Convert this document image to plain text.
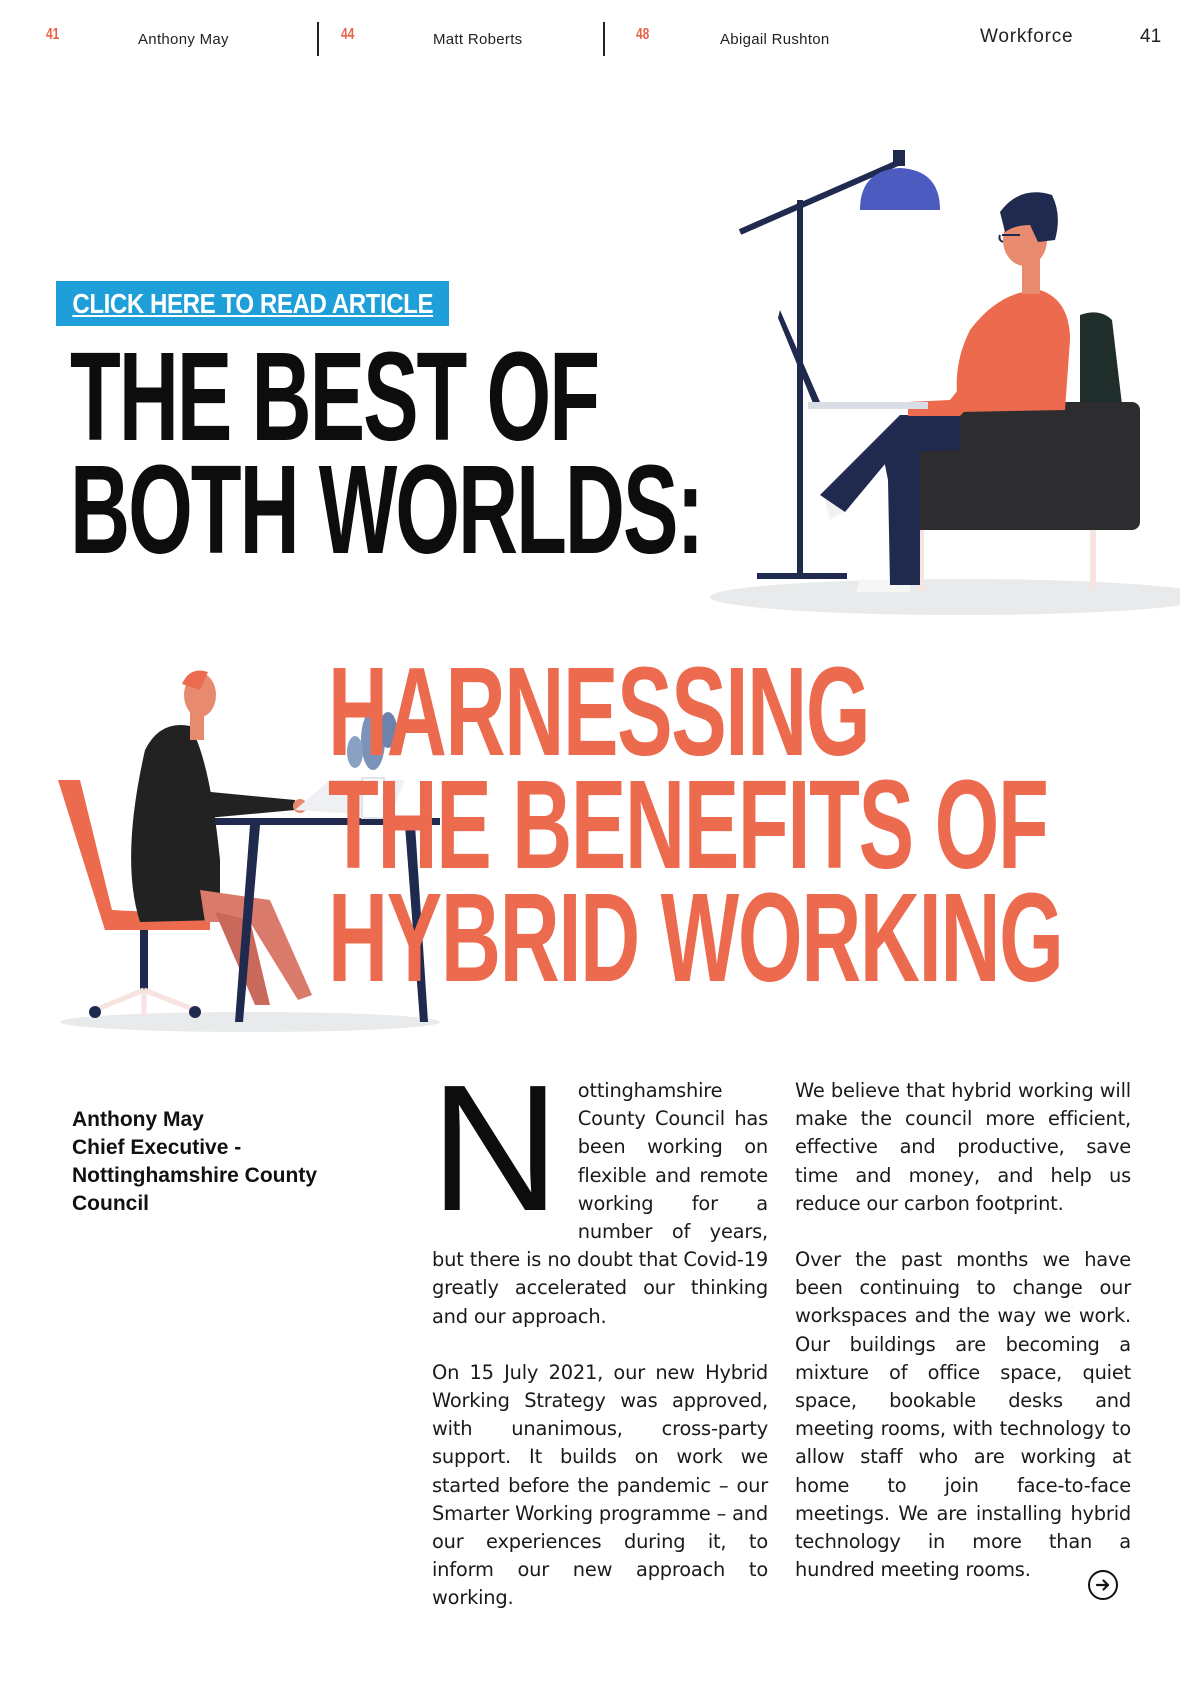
41	Anthony May	44	Matt Roberts	48	Abigail Rushton	Workforce	41
CLICK HERE TO READ ARTICLE
THE BEST OF
BOTH WORLDS:
HARNESSING
THE BENEFITS OF
HYBRID WORKING
Anthony May
Chief Executive -
Nottinghamshire County
Council	Nottinghamshire County Council has been working on flexible and remote working for a number of years, but there is no doubt that Covid-19 greatly accelerated our thinking and our approach.

On 15 July 2021, our new Hybrid Working Strategy was approved, with unanimous, cross-party support. It builds on work we started before the pandemic – our Smarter Working programme – and our experiences during it, to inform our new approach to working.

We believe that hybrid working will make the council more efficient, effective and productive, save time and money, and help us reduce our carbon footprint.

Over the past months we have been continuing to change our workspaces and the way we work. Our buildings are becoming a mixture of office space, quiet space, bookable desks and meeting rooms, with technology to allow staff who are working at home to join face-to-face meetings. We are installing hybrid technology in more than a hundred meeting rooms.
